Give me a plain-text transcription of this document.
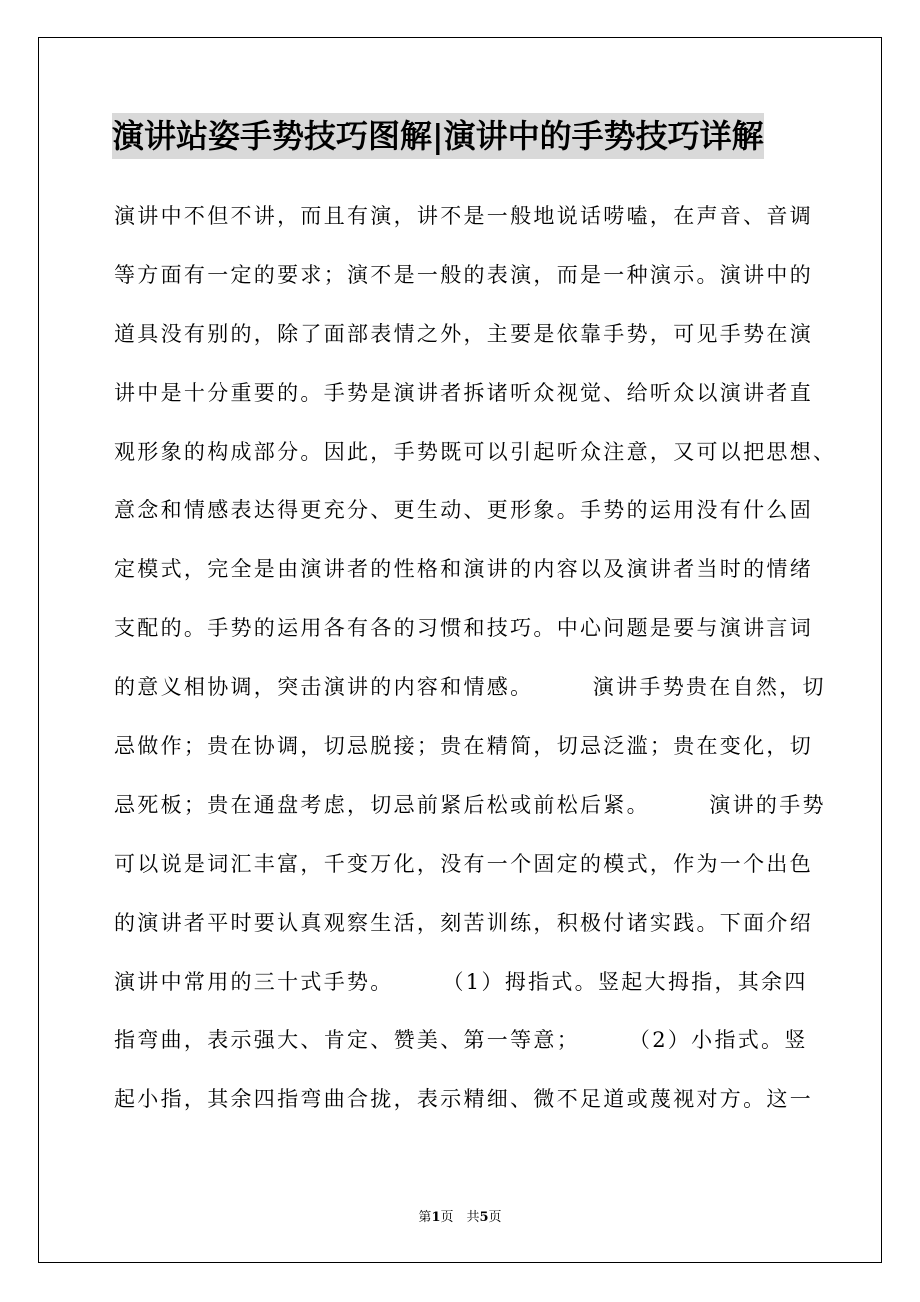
演讲站姿手势技巧图解|演讲中的手势技巧详解
演讲中不但不讲，而且有演，讲不是一般地说话唠嗑，在声音、音调
等方面有一定的要求；演不是一般的表演，而是一种演示。演讲中的
道具没有别的，除了面部表情之外，主要是依靠手势，可见手势在演
讲中是十分重要的。手势是演讲者拆诸听众视觉、给听众以演讲者直
观形象的构成部分。因此，手势既可以引起听众注意，又可以把思想、
意念和情感表达得更充分、更生动、更形象。手势的运用没有什么固
定模式，完全是由演讲者的性格和演讲的内容以及演讲者当时的情绪
支配的。手势的运用各有各的习惯和技巧。中心问题是要与演讲言词
的意义相协调，突击演讲的内容和情感。　　　演讲手势贵在自然，切
忌做作；贵在协调，切忌脱接；贵在精简，切忌泛滥；贵在变化，切
忌死板；贵在通盘考虑，切忌前紧后松或前松后紧。　　　演讲的手势
可以说是词汇丰富，千变万化，没有一个固定的模式，作为一个出色
的演讲者平时要认真观察生活，刻苦训练，积极付诸实践。下面介绍
演讲中常用的三十式手势。　　　（1）拇指式。竖起大拇指，其余四
指弯曲，表示强大、肯定、赞美、第一等意；　　　（2）小指式。竖
起小指，其余四指弯曲合拢，表示精细、微不足道或蔑视对方。这一
第1页　共5页
